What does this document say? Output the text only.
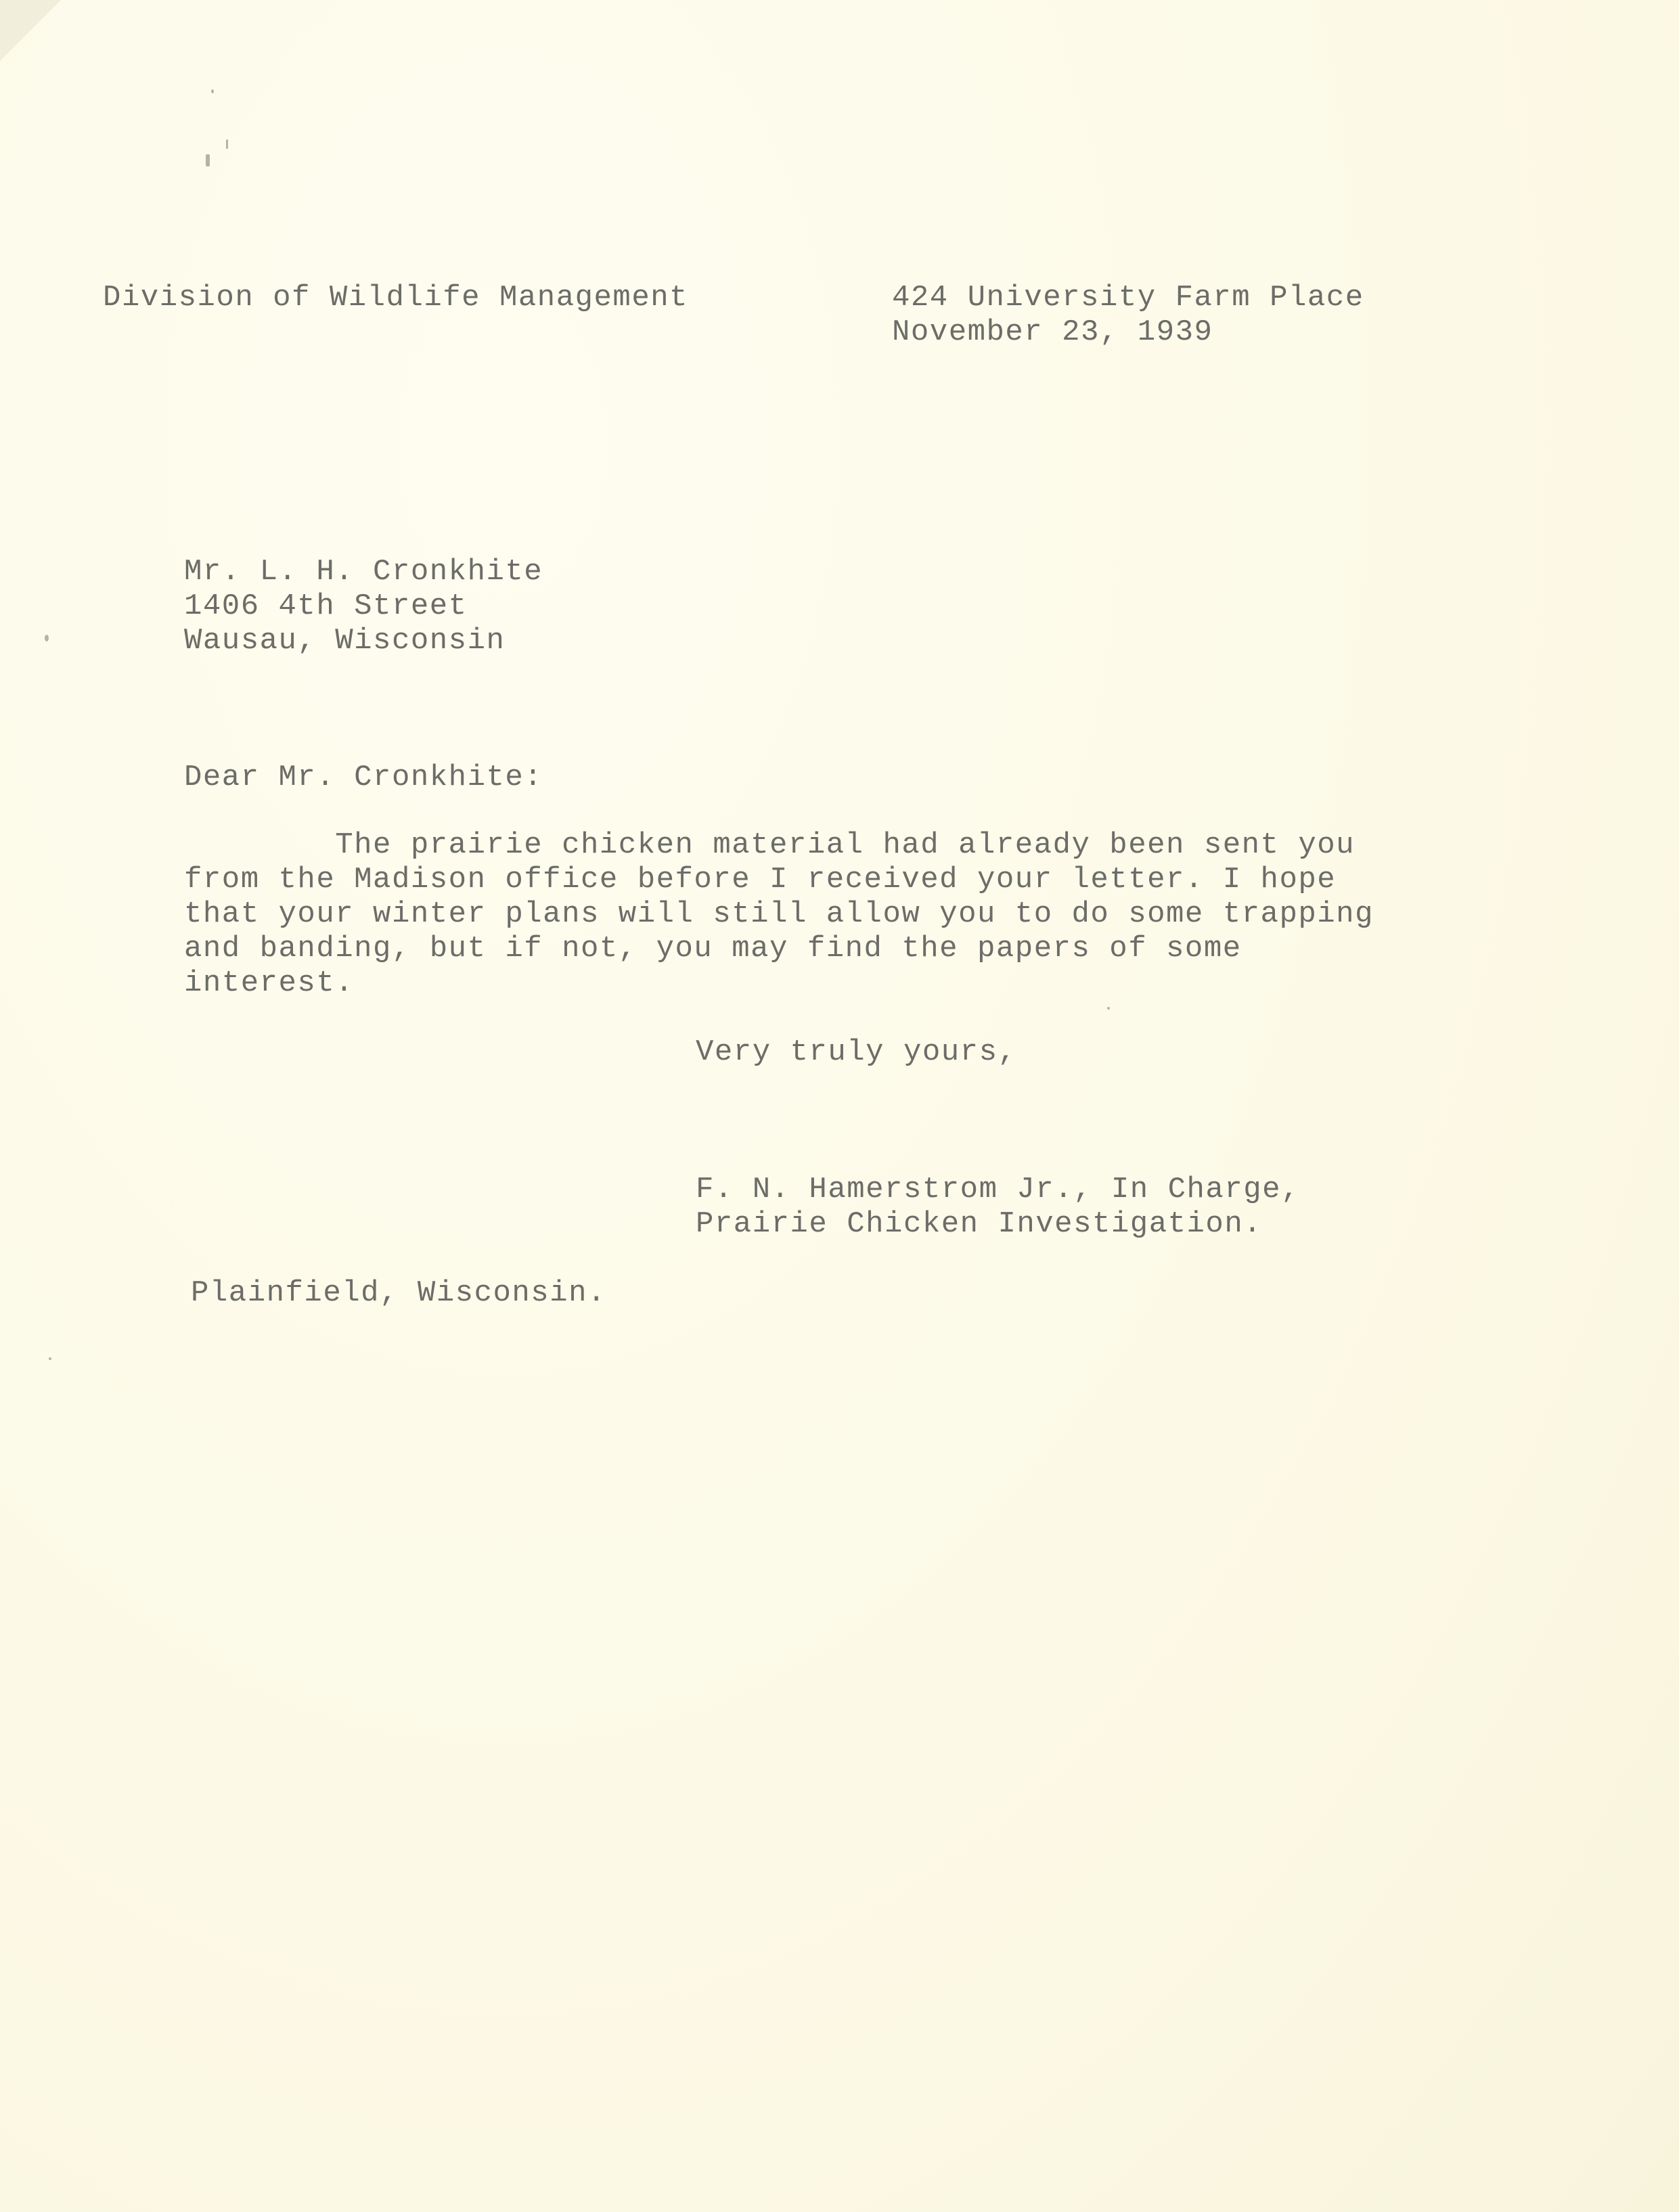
Division of Wildlife Management	424 University Farm Place
November 23, 1939
Mr. L. H. Cronkhite
1406 4th Street
Wausau, Wisconsin
Dear Mr. Cronkhite:
The prairie chicken material had already been sent you
from the Madison office before I received your letter. I hope
that your winter plans will still allow you to do some trapping
and banding, but if not, you may find the papers of some
interest.
Very truly yours,
F. N. Hamerstrom Jr., In Charge,
Prairie Chicken Investigation.
Plainfield, Wisconsin.
